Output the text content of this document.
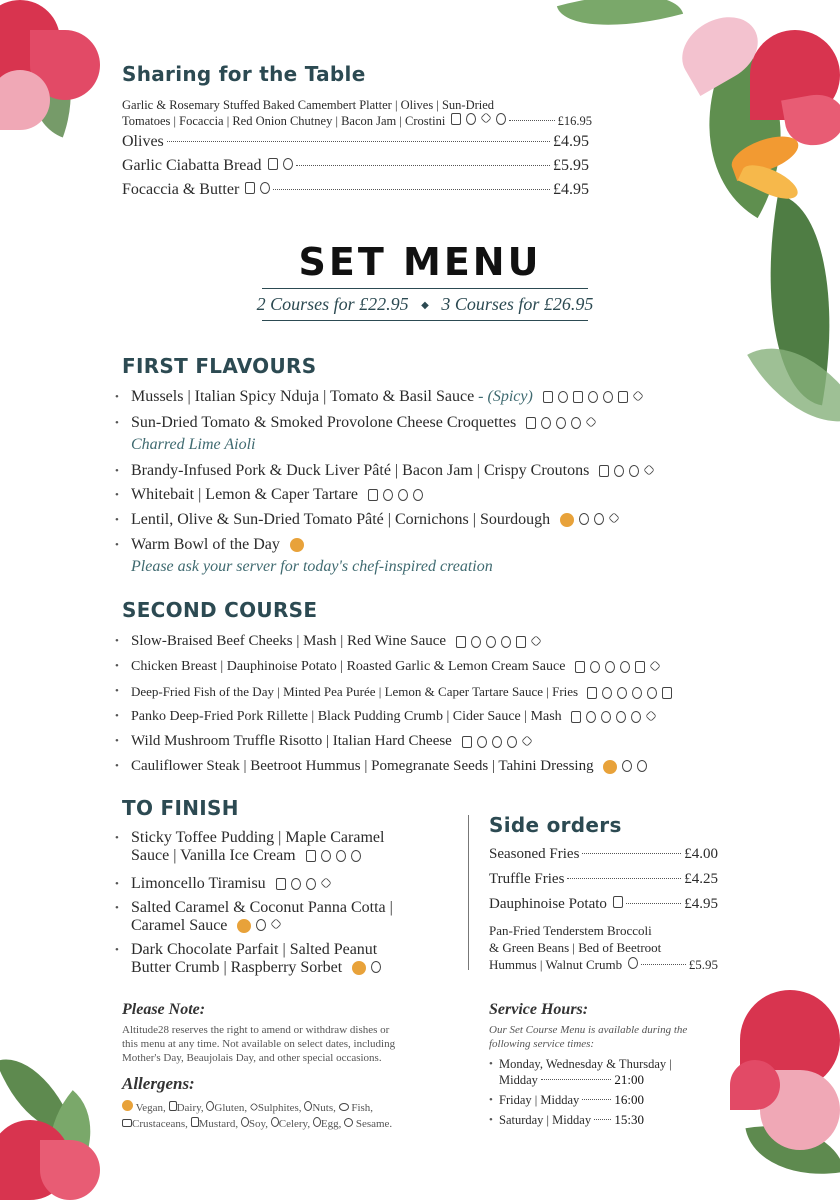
Sharing for the Table
Garlic & Rosemary Stuffed Baked Camembert Platter | Olives | Sun-Dried
Tomatoes | Focaccia | Red Onion Chutney | Bacon Jam | Crostini	£16.95
Olives	£4.95
Garlic Ciabatta Bread	£5.95
Focaccia & Butter	£4.95
SET MENU
2 Courses for £22.95 ◆ 3 Courses for £26.95
FIRST FLAVOURS
• Mussels | Italian Spicy Nduja | Tomato & Basil Sauce - (Spicy)
• Sun-Dried Tomato & Smoked Provolone Cheese Croquettes
Charred Lime Aioli
• Brandy-Infused Pork & Duck Liver Pâté | Bacon Jam | Crispy Croutons
• Whitebait | Lemon & Caper Tartare
• Lentil, Olive & Sun-Dried Tomato Pâté | Cornichons | Sourdough
• Warm Bowl of the Day
Please ask your server for today's chef-inspired creation
SECOND COURSE
• Slow-Braised Beef Cheeks | Mash | Red Wine Sauce
• Chicken Breast | Dauphinoise Potato | Roasted Garlic & Lemon Cream Sauce
• Deep-Fried Fish of the Day | Minted Pea Purée | Lemon & Caper Tartare Sauce | Fries
• Panko Deep-Fried Pork Rillette | Black Pudding Crumb | Cider Sauce | Mash
• Wild Mushroom Truffle Risotto | Italian Hard Cheese
• Cauliflower Steak | Beetroot Hummus | Pomegranate Seeds | Tahini Dressing
TO FINISH
• Sticky Toffee Pudding | Maple Caramel
Sauce | Vanilla Ice Cream
• Limoncello Tiramisu
• Salted Caramel & Coconut Panna Cotta |
Caramel Sauce
• Dark Chocolate Parfait | Salted Peanut
Butter Crumb | Raspberry Sorbet
Side orders
Seasoned Fries	£4.00
Truffle Fries	£4.25
Dauphinoise Potato	£4.95
Pan-Fried Tenderstem Broccoli
& Green Beans | Bed of Beetroot
Hummus | Walnut Crumb	£5.95
Please Note:
Altitude28 reserves the right to amend or withdraw dishes or
this menu at any time. Not available on select dates, including
Mother's Day, Beaujolais Day, and other special occasions.
Allergens:
Vegan, Dairy, Gluten, Sulphites, Nuts, Fish,
Crustaceans, Mustard, Soy, Celery, Egg, Sesame.
Service Hours:
Our Set Course Menu is available during the
following service times:
• Monday, Wednesday & Thursday |
Midday	21:00
• Friday | Midday	16:00
• Saturday | Midday 15:30
